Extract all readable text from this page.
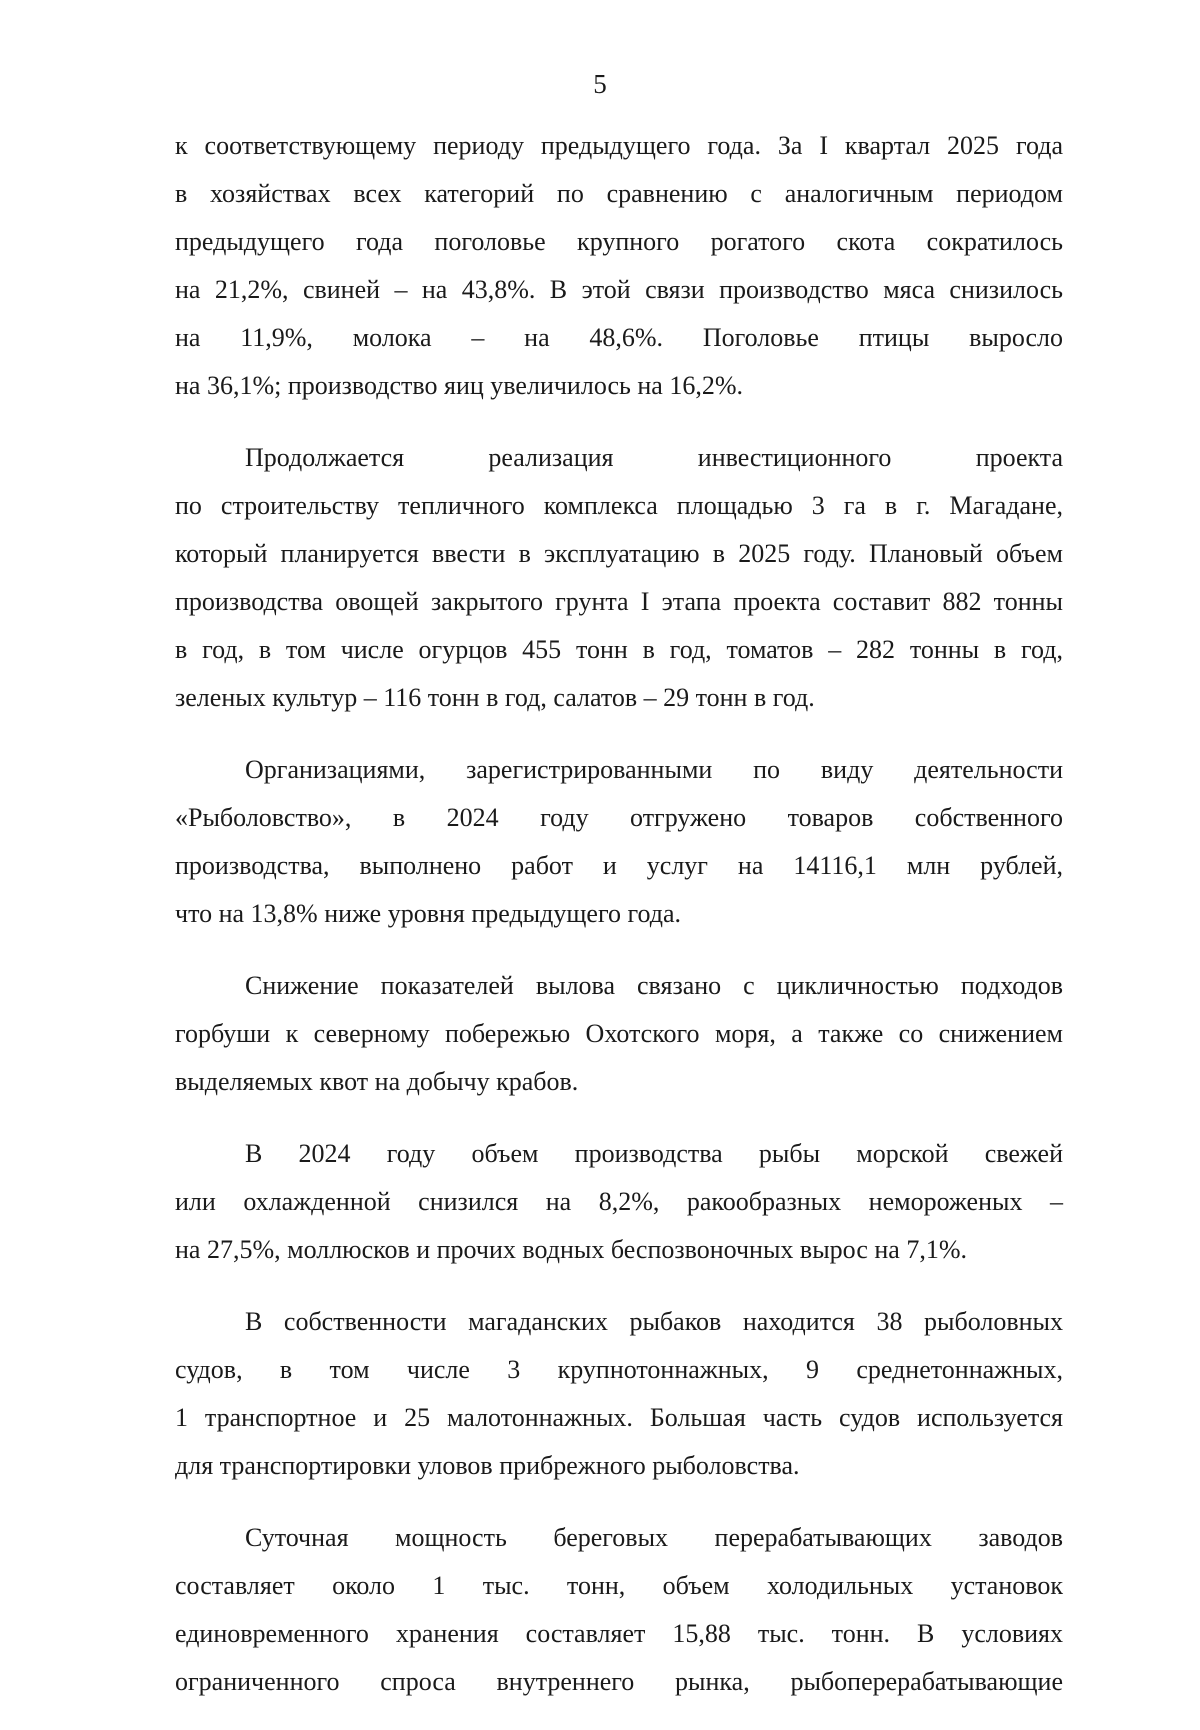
5
к соответствующему периоду предыдущего года. За I квартал 2025 года
в хозяйствах всех категорий по сравнению с аналогичным периодом
предыдущего года поголовье крупного рогатого скота сократилось
на 21,2%, свиней – на 43,8%. В этой связи производство мяса снизилось
на 11,9%, молока – на 48,6%. Поголовье птицы выросло
на 36,1%; производство яиц увеличилось на 16,2%.
Продолжается реализация инвестиционного проекта
по строительству тепличного комплекса площадью 3 га в г. Магадане,
который планируется ввести в эксплуатацию в 2025 году. Плановый объем
производства овощей закрытого грунта I этапа проекта составит 882 тонны
в год, в том числе огурцов 455 тонн в год, томатов – 282 тонны в год,
зеленых культур – 116 тонн в год, салатов – 29 тонн в год.
Организациями, зарегистрированными по виду деятельности
«Рыболовство», в 2024 году отгружено товаров собственного
производства, выполнено работ и услуг на 14116,1 млн рублей,
что на 13,8% ниже уровня предыдущего года.
Снижение показателей вылова связано с цикличностью подходов
горбуши к северному побережью Охотского моря, а также со снижением
выделяемых квот на добычу крабов.
В 2024 году объем производства рыбы морской свежей
или охлажденной снизился на 8,2%, ракообразных немороженых –
на 27,5%, моллюсков и прочих водных беспозвоночных вырос на 7,1%.
В собственности магаданских рыбаков находится 38 рыболовных
судов, в том числе 3 крупнотоннажных, 9 среднетоннажных,
1 транспортное и 25 малотоннажных. Большая часть судов используется
для транспортировки уловов прибрежного рыболовства.
Суточная мощность береговых перерабатывающих заводов
составляет около 1 тыс. тонн, объем холодильных установок
единовременного хранения составляет 15,88 тыс. тонн. В условиях
ограниченного спроса внутреннего рынка, рыбоперерабатывающие
